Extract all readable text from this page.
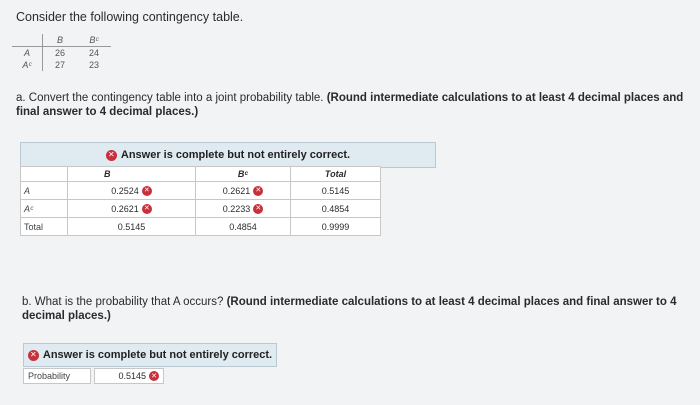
Consider the following contingency table.
	B	Bᶜ
A	26	24
Aᶜ	27	23
a. Convert the contingency table into a joint probability table. (Round intermediate calculations to at least 4 decimal places and final answer to 4 decimal places.)
✕ Answer is complete but not entirely correct.
	B	Bᶜ	Total
A	0.2524 ✕	0.2621 ✕	0.5145
Aᶜ	0.2621 ✕	0.2233 ✕	0.4854
Total	0.5145	0.4854	0.9999
b. What is the probability that A occurs? (Round intermediate calculations to at least 4 decimal places and final answer to 4 decimal places.)
✕ Answer is complete but not entirely correct.
Probability	0.5145 ✕
